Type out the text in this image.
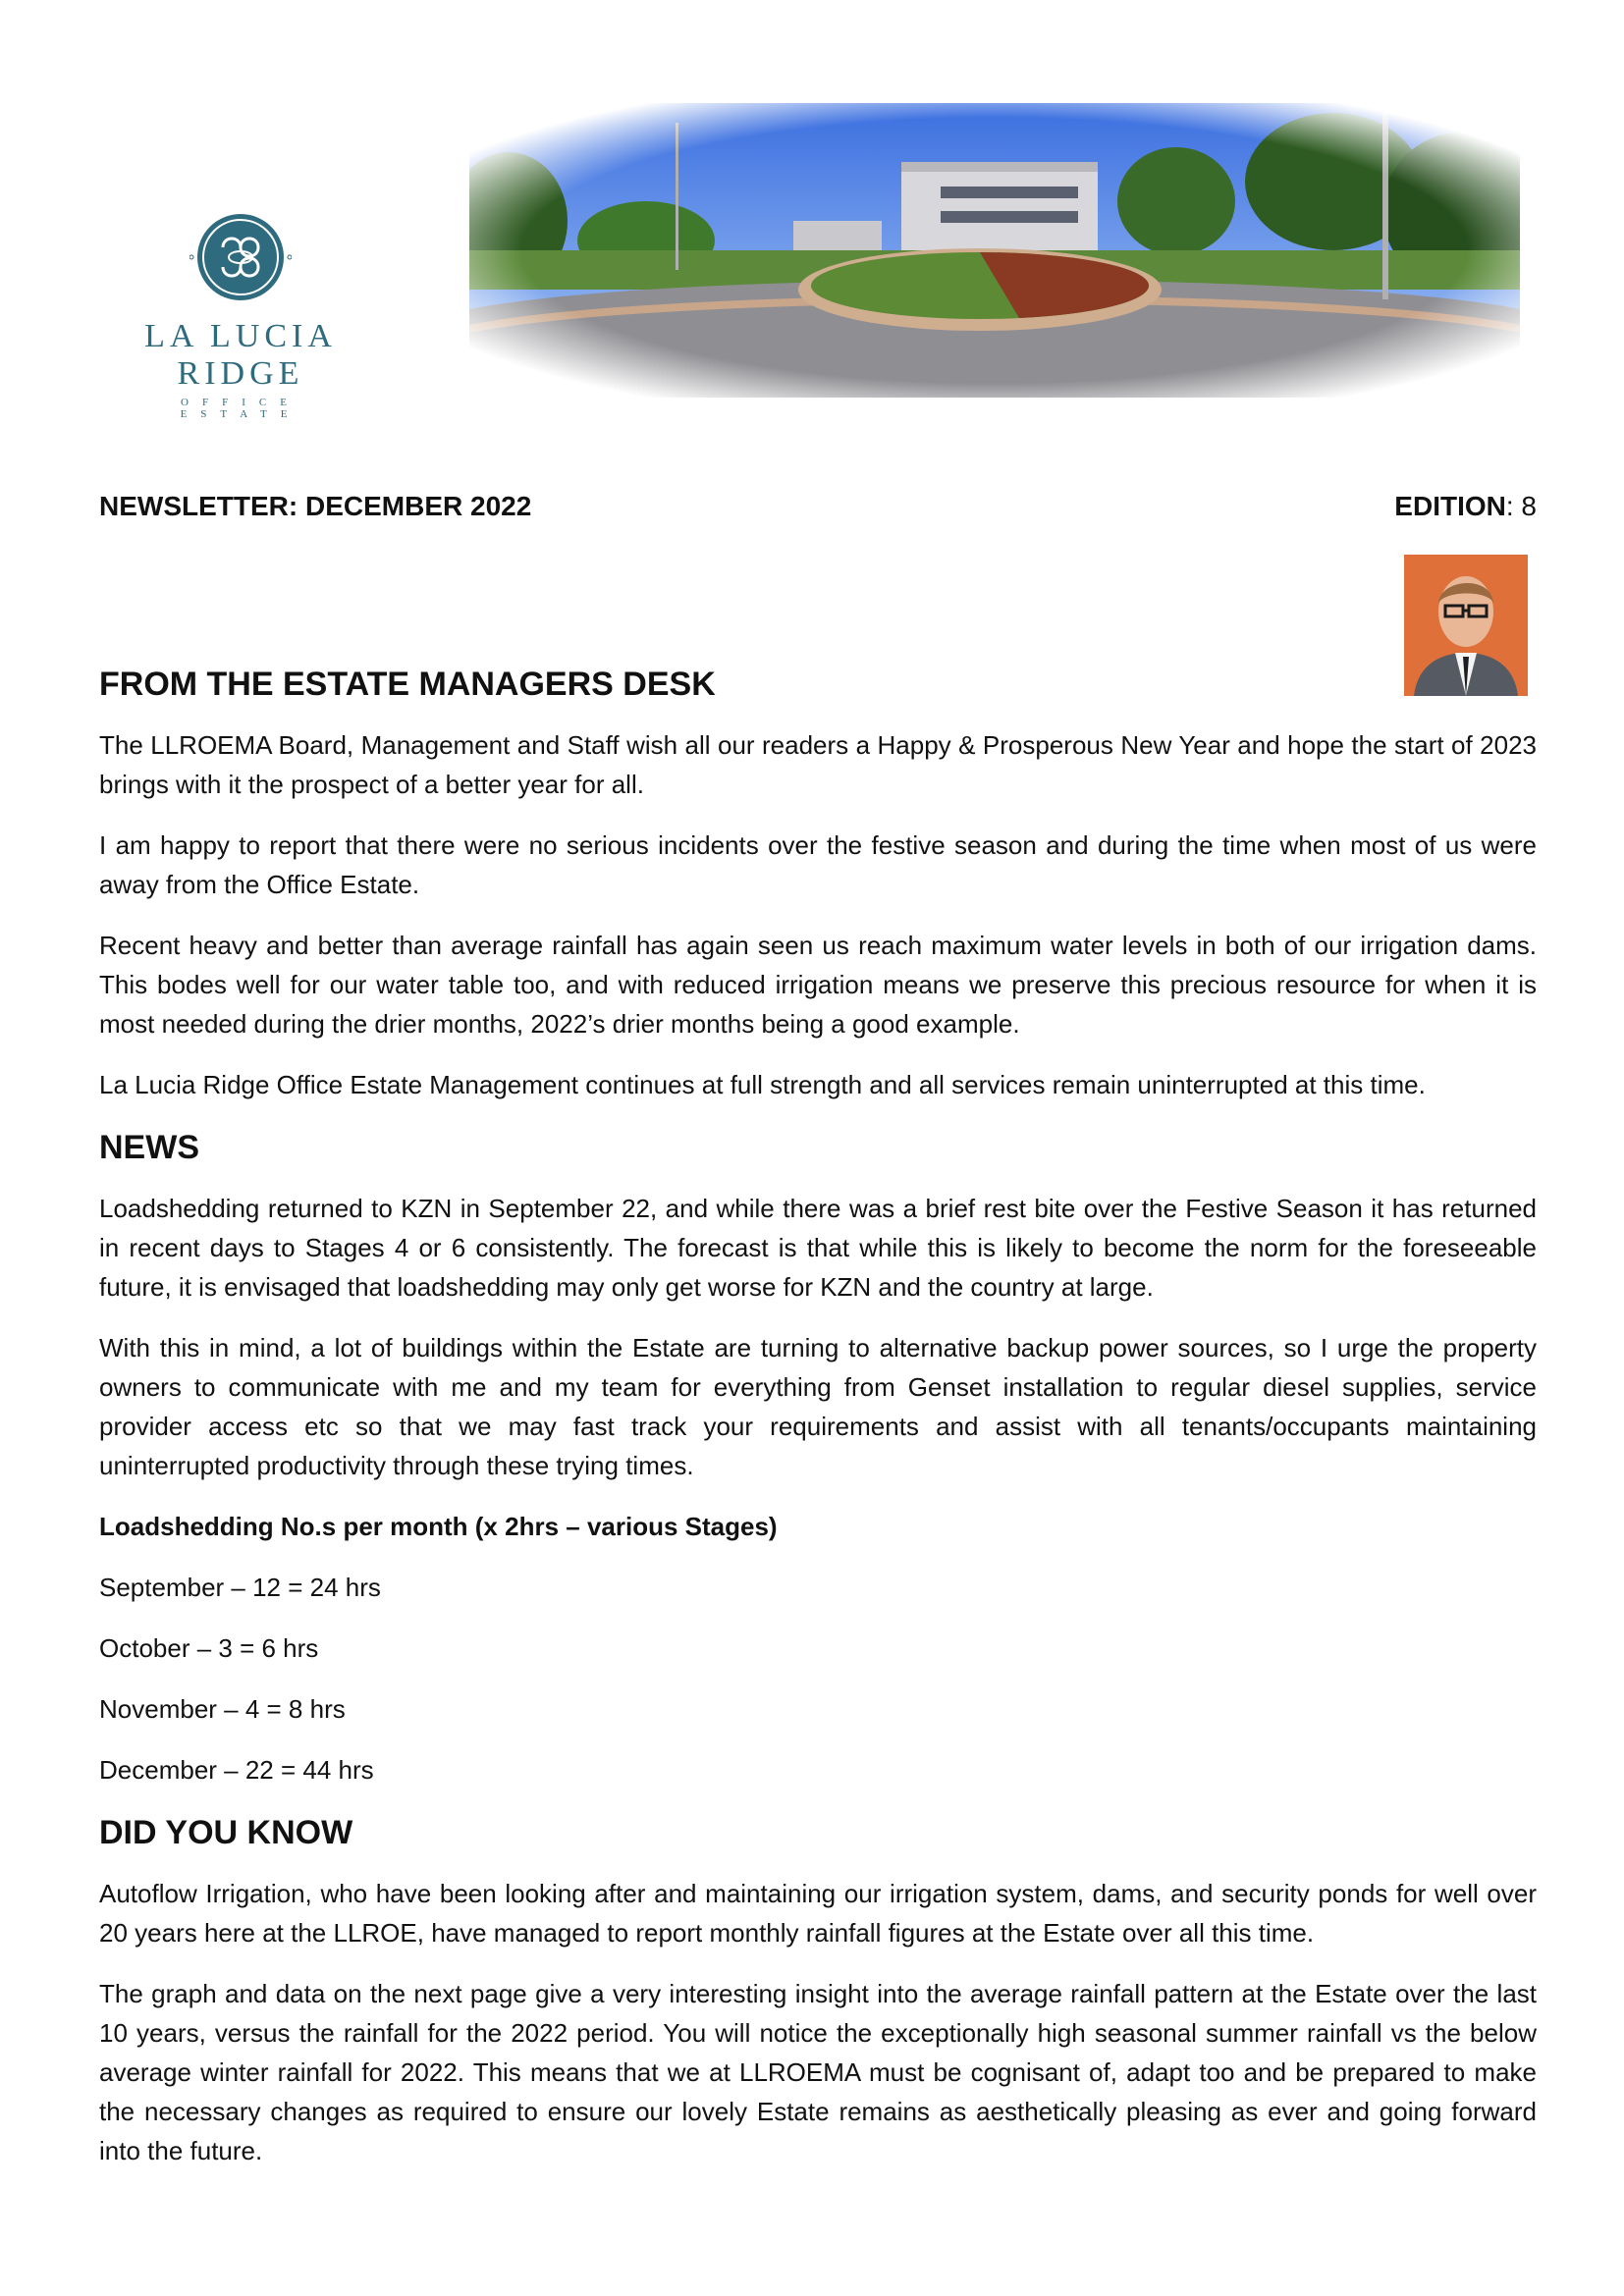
LA LUCIA RIDGE
OFFICE ESTATE
NEWSLETTER: DECEMBER 2022	EDITION: 8
FROM THE ESTATE MANAGERS DESK

The LLROEMA Board, Management and Staff wish all our readers a Happy & Prosperous New Year and hope the start of 2023 brings with it the prospect of a better year for all.

I am happy to report that there were no serious incidents over the festive season and during the time when most of us were away from the Office Estate.

Recent heavy and better than average rainfall has again seen us reach maximum water levels in both of our irrigation dams. This bodes well for our water table too, and with reduced irrigation means we preserve this precious resource for when it is most needed during the drier months, 2022’s drier months being a good example.

La Lucia Ridge Office Estate Management continues at full strength and all services remain uninterrupted at this time.

NEWS

Loadshedding returned to KZN in September 22, and while there was a brief rest bite over the Festive Season it has returned in recent days to Stages 4 or 6 consistently. The forecast is that while this is likely to become the norm for the foreseeable future, it is envisaged that loadshedding may only get worse for KZN and the country at large.

With this in mind, a lot of buildings within the Estate are turning to alternative backup power sources, so I urge the property owners to communicate with me and my team for everything from Genset installation to regular diesel supplies, service provider access etc so that we may fast track your requirements and assist with all tenants/occupants maintaining uninterrupted productivity through these trying times.

Loadshedding No.s per month (x 2hrs – various Stages)

September – 12 = 24 hrs

October – 3 = 6 hrs

November – 4 = 8 hrs

December – 22 = 44 hrs

DID YOU KNOW

Autoflow Irrigation, who have been looking after and maintaining our irrigation system, dams, and security ponds for well over 20 years here at the LLROE, have managed to report monthly rainfall figures at the Estate over all this time.

The graph and data on the next page give a very interesting insight into the average rainfall pattern at the Estate over the last 10 years, versus the rainfall for the 2022 period. You will notice the exceptionally high seasonal summer rainfall vs the below average winter rainfall for 2022. This means that we at LLROEMA must be cognisant of, adapt too and be prepared to make the necessary changes as required to ensure our lovely Estate remains as aesthetically pleasing as ever and going forward into the future.
